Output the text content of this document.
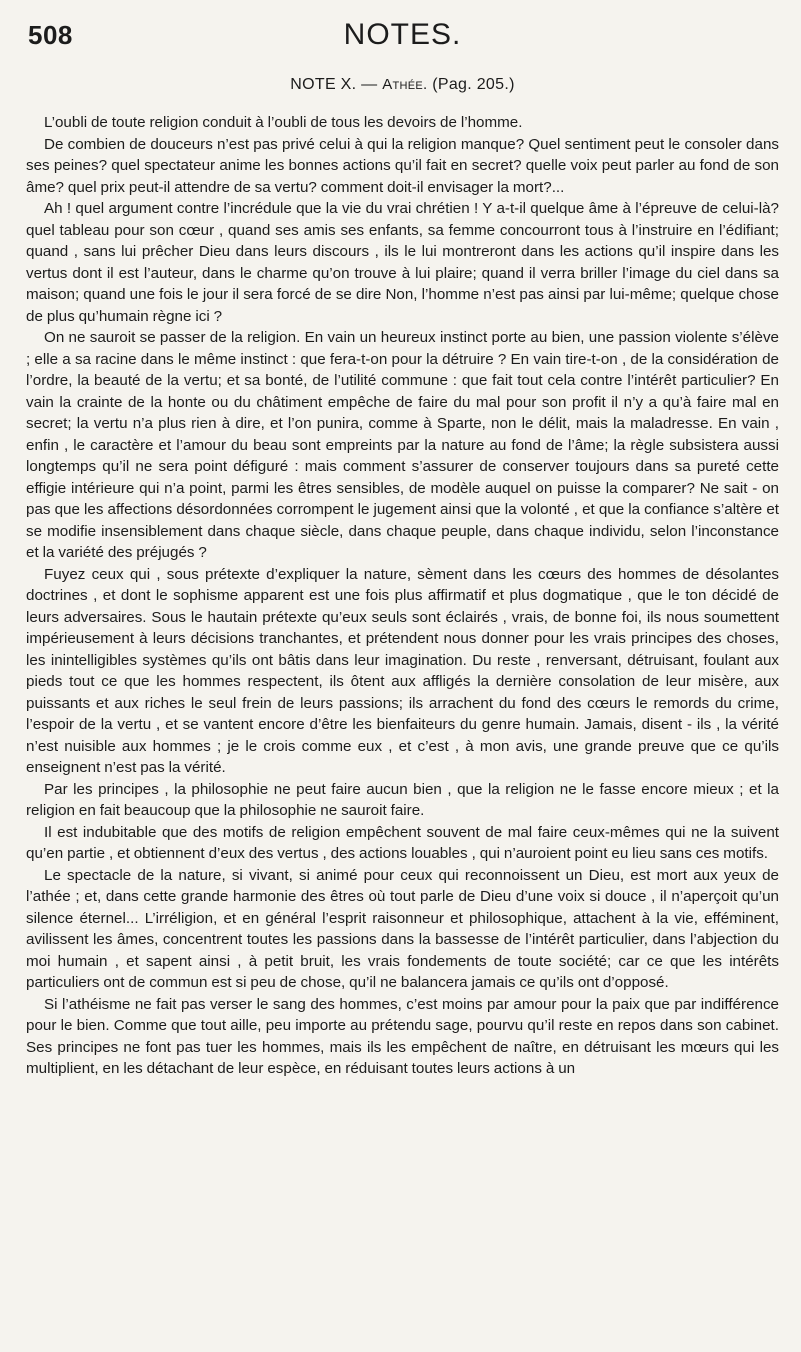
508	NOTES.
NOTE X. — Athée. (Pag. 205.)

L’oubli de toute religion conduit à l’oubli de tous les devoirs de l’homme.

De combien de douceurs n’est pas privé celui à qui la religion manque? Quel sentiment peut le consoler dans ses peines? quel spectateur anime les bonnes actions qu’il fait en secret? quelle voix peut parler au fond de son âme? quel prix peut-il attendre de sa vertu? comment doit-il envisager la mort?...

Ah ! quel argument contre l’incrédule que la vie du vrai chrétien ! Y a-t-il quelque âme à l’épreuve de celui-là? quel tableau pour son cœur , quand ses amis ses enfants, sa femme concourront tous à l’instruire en l’édifiant; quand , sans lui prêcher Dieu dans leurs discours , ils le lui montreront dans les actions qu’il inspire dans les vertus dont il est l’auteur, dans le charme qu’on trouve à lui plaire; quand il verra briller l’image du ciel dans sa maison; quand une fois le jour il sera forcé de se dire Non, l’homme n’est pas ainsi par lui-même; quelque chose de plus qu’humain règne ici ?

On ne sauroit se passer de la religion. En vain un heureux instinct porte au bien, une passion violente s’élève ; elle a sa racine dans le même instinct : que fera-t-on pour la détruire ? En vain tire-t-on , de la considération de l’ordre, la beauté de la vertu; et sa bonté, de l’utilité commune : que fait tout cela contre l’intérêt particulier? En vain la crainte de la honte ou du châtiment empêche de faire du mal pour son profit il n’y a qu’à faire mal en secret; la vertu n’a plus rien à dire, et l’on punira, comme à Sparte, non le délit, mais la maladresse. En vain , enfin , le caractère et l’amour du beau sont empreints par la nature au fond de l’âme; la règle subsistera aussi longtemps qu’il ne sera point défiguré : mais comment s’assurer de conserver toujours dans sa pureté cette effigie intérieure qui n’a point, parmi les êtres sensibles, de modèle auquel on puisse la comparer? Ne sait - on pas que les affections désordonnées corrompent le jugement ainsi que la volonté , et que la confiance s’altère et se modifie insensiblement dans chaque siècle, dans chaque peuple, dans chaque individu, selon l’inconstance et la variété des préjugés ?

Fuyez ceux qui , sous prétexte d’expliquer la nature, sèment dans les cœurs des hommes de désolantes doctrines , et dont le sophisme apparent est une fois plus affirmatif et plus dogmatique , que le ton décidé de leurs adversaires. Sous le hautain prétexte qu’eux seuls sont éclairés , vrais, de bonne foi, ils nous soumettent impérieusement à leurs décisions tranchantes, et prétendent nous donner pour les vrais principes des choses, les inintelligibles systèmes qu’ils ont bâtis dans leur imagination. Du reste , renversant, détruisant, foulant aux pieds tout ce que les hommes respectent, ils ôtent aux affligés la dernière consolation de leur misère, aux puissants et aux riches le seul frein de leurs passions; ils arrachent du fond des cœurs le remords du crime, l’espoir de la vertu , et se vantent encore d’être les bienfaiteurs du genre humain. Jamais, disent - ils , la vérité n’est nuisible aux hommes ; je le crois comme eux , et c’est , à mon avis, une grande preuve que ce qu’ils enseignent n’est pas la vérité.

Par les principes , la philosophie ne peut faire aucun bien , que la religion ne le fasse encore mieux ; et la religion en fait beaucoup que la philosophie ne sauroit faire.

Il est indubitable que des motifs de religion empêchent souvent de mal faire ceux-mêmes qui ne la suivent qu’en partie , et obtiennent d’eux des vertus , des actions louables , qui n’auroient point eu lieu sans ces motifs.

Le spectacle de la nature, si vivant, si animé pour ceux qui reconnoissent un Dieu, est mort aux yeux de l’athée ; et, dans cette grande harmonie des êtres où tout parle de Dieu d’une voix si douce , il n’aperçoit qu’un silence éternel... L’irréligion, et en général l’esprit raisonneur et philosophique, attachent à la vie, efféminent, avilissent les âmes, concentrent toutes les passions dans la bassesse de l’intérêt particulier, dans l’abjection du moi humain , et sapent ainsi , à petit bruit, les vrais fondements de toute société; car ce que les intérêts particuliers ont de commun est si peu de chose, qu’il ne balancera jamais ce qu’ils ont d’opposé.

Si l’athéisme ne fait pas verser le sang des hommes, c’est moins par amour pour la paix que par indifférence pour le bien. Comme que tout aille, peu importe au prétendu sage, pourvu qu’il reste en repos dans son cabinet. Ses principes ne font pas tuer les hommes, mais ils les empêchent de naître, en détruisant les mœurs qui les multiplient, en les détachant de leur espèce, en réduisant toutes leurs actions à un
